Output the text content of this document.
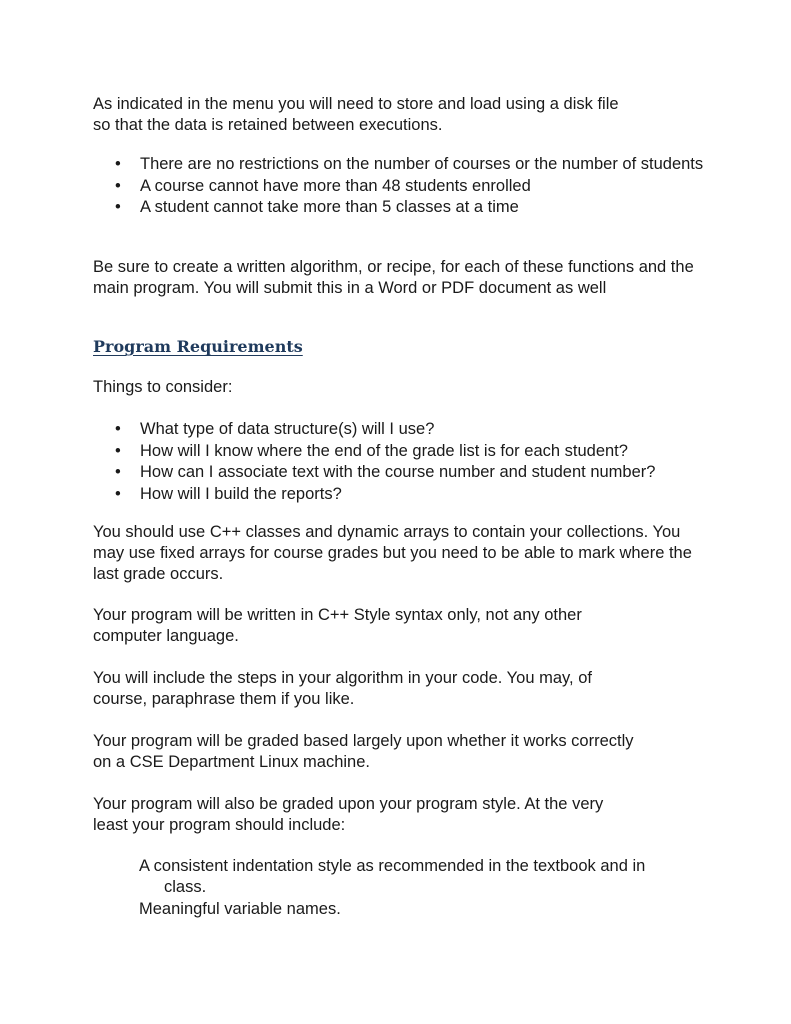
As indicated in the menu you will need to store and load using a disk file
so that the data is retained between executions.
• There are no restrictions on the number of courses or the number of students
• A course cannot have more than 48 students enrolled
• A student cannot take more than 5 classes at a time
Be sure to create a written algorithm, or recipe, for each of these functions and the
main program. You will submit this in a Word or PDF document as well
Program Requirements
Things to consider:
• What type of data structure(s) will I use?
• How will I know where the end of the grade list is for each student?
• How can I associate text with the course number and student number?
• How will I build the reports?
You should use C++ classes and dynamic arrays to contain your collections. You
may use fixed arrays for course grades but you need to be able to mark where the
last grade occurs.
Your program will be written in C++ Style syntax only, not any other
computer language.
You will include the steps in your algorithm in your code. You may, of
course, paraphrase them if you like.
Your program will be graded based largely upon whether it works correctly
on a CSE Department Linux machine.
Your program will also be graded upon your program style. At the very
least your program should include:
A consistent indentation style as recommended in the textbook and in
class.
Meaningful variable names.
